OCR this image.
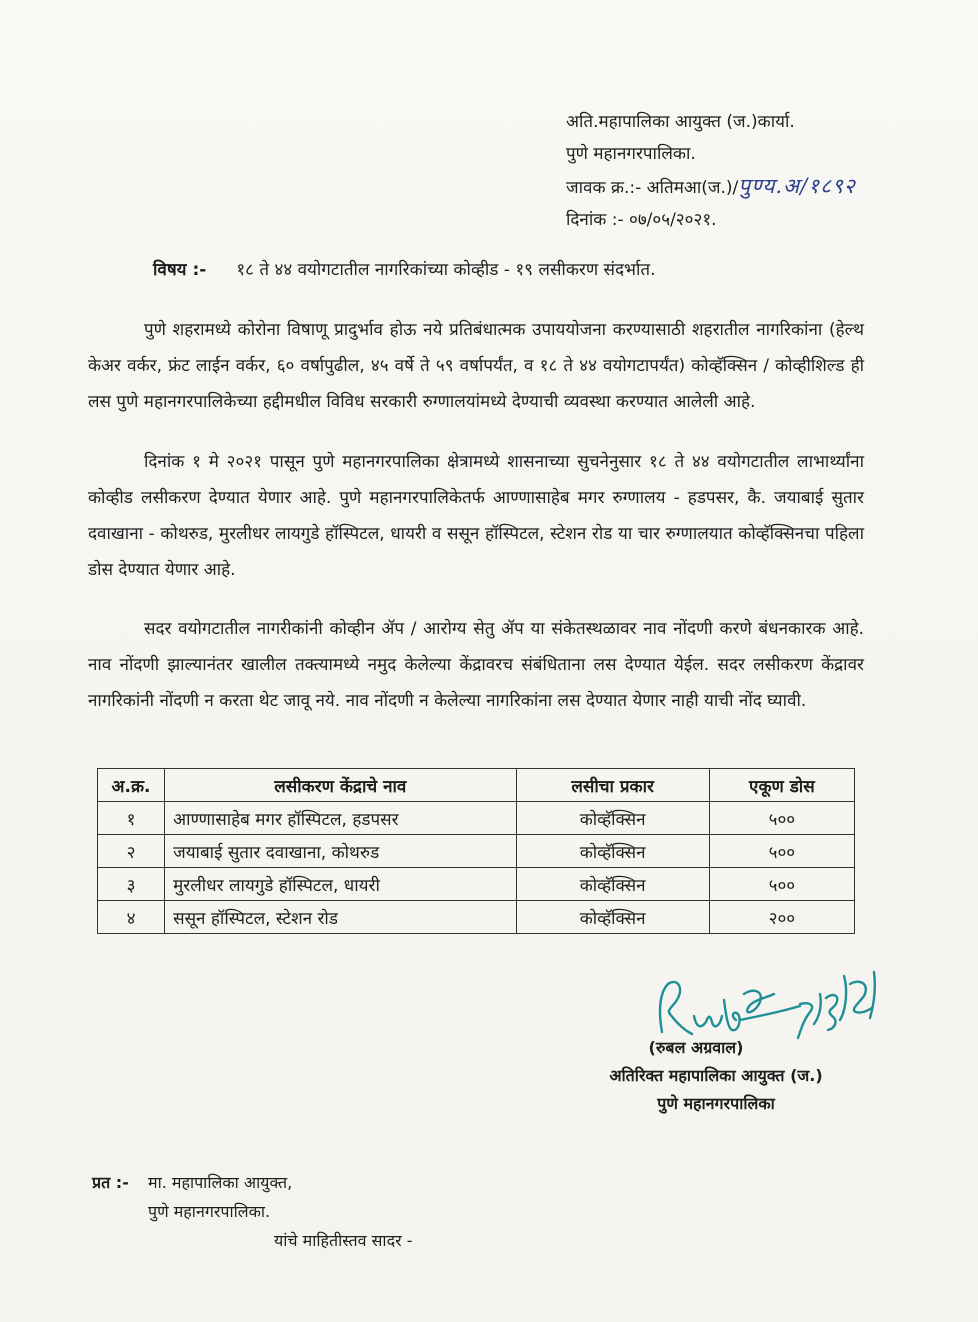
अति.महापालिका आयुक्त (ज.)कार्या.
पुणे महानगरपालिका.
जावक क्र.:- अतिमआ(ज.)/पुण्य.अ/१८९२
दिनांक :- ०७/०५/२०२१.
विषय :- १८ ते ४४ वयोगटातील नागरिकांच्या कोव्हीड - १९ लसीकरण संदर्भात.

पुणे शहरामध्ये कोरोना विषाणू प्रादुर्भाव होऊ नये प्रतिबंधात्मक उपाययोजना करण्यासाठी शहरातील नागरिकांना (हेल्थ केअर वर्कर, फ्रंट लाईन वर्कर, ६० वर्षापुढील, ४५ वर्षे ते ५९ वर्षापर्यंत, व १८ ते ४४ वयोगटापर्यंत) कोव्हॅक्सिन / कोव्हीशिल्ड ही लस पुणे महानगरपालिकेच्या हद्दीमधील विविध सरकारी रुग्णालयांमध्ये देण्याची व्यवस्था करण्यात आलेली आहे.

दिनांक १ मे २०२१ पासून पुणे महानगरपालिका क्षेत्रामध्ये शासनाच्या सुचनेनुसार १८ ते ४४ वयोगटातील लाभार्थ्यांना कोव्हीड लसीकरण देण्यात येणार आहे. पुणे महानगरपालिकेतर्फ आण्णासाहेब मगर रुग्णालय - हडपसर, कै. जयाबाई सुतार दवाखाना - कोथरुड, मुरलीधर लायगुडे हॉस्पिटल, धायरी व ससून हॉस्पिटल, स्टेशन रोड या चार रुग्णालयात कोव्हॅक्सिनचा पहिला डोस देण्यात येणार आहे.

सदर वयोगटातील नागरीकांनी कोव्हीन ॲप / आरोग्य सेतु ॲप या संकेतस्थळावर नाव नोंदणी करणे बंधनकारक आहे. नाव नोंदणी झाल्यानंतर खालील तक्त्यामध्ये नमुद केलेल्या केंद्रावरच संबंधिताना लस देण्यात येईल. सदर लसीकरण केंद्रावर नागरिकांनी नोंदणी न करता थेट जावू नये. नाव नोंदणी न केलेल्या नागरिकांना लस देण्यात येणार नाही याची नोंद घ्यावी.

अ.क्र.	लसीकरण केंद्राचे नाव	लसीचा प्रकार	एकूण डोस
१	आण्णासाहेब मगर हॉस्पिटल, हडपसर	कोव्हॅक्सिन	५००
२	जयाबाई सुतार दवाखाना, कोथरुड	कोव्हॅक्सिन	५००
३	मुरलीधर लायगुडे हॉस्पिटल, धायरी	कोव्हॅक्सिन	५००
४	ससून हॉस्पिटल, स्टेशन रोड	कोव्हॅक्सिन	२००
(रुबल अग्रवाल)
अतिरिक्त महापालिका आयुक्त (ज.)
पुणे महानगरपालिका
प्रत :- मा. महापालिका आयुक्त,
पुणे महानगरपालिका.
यांचे माहितीस्तव सादर -
